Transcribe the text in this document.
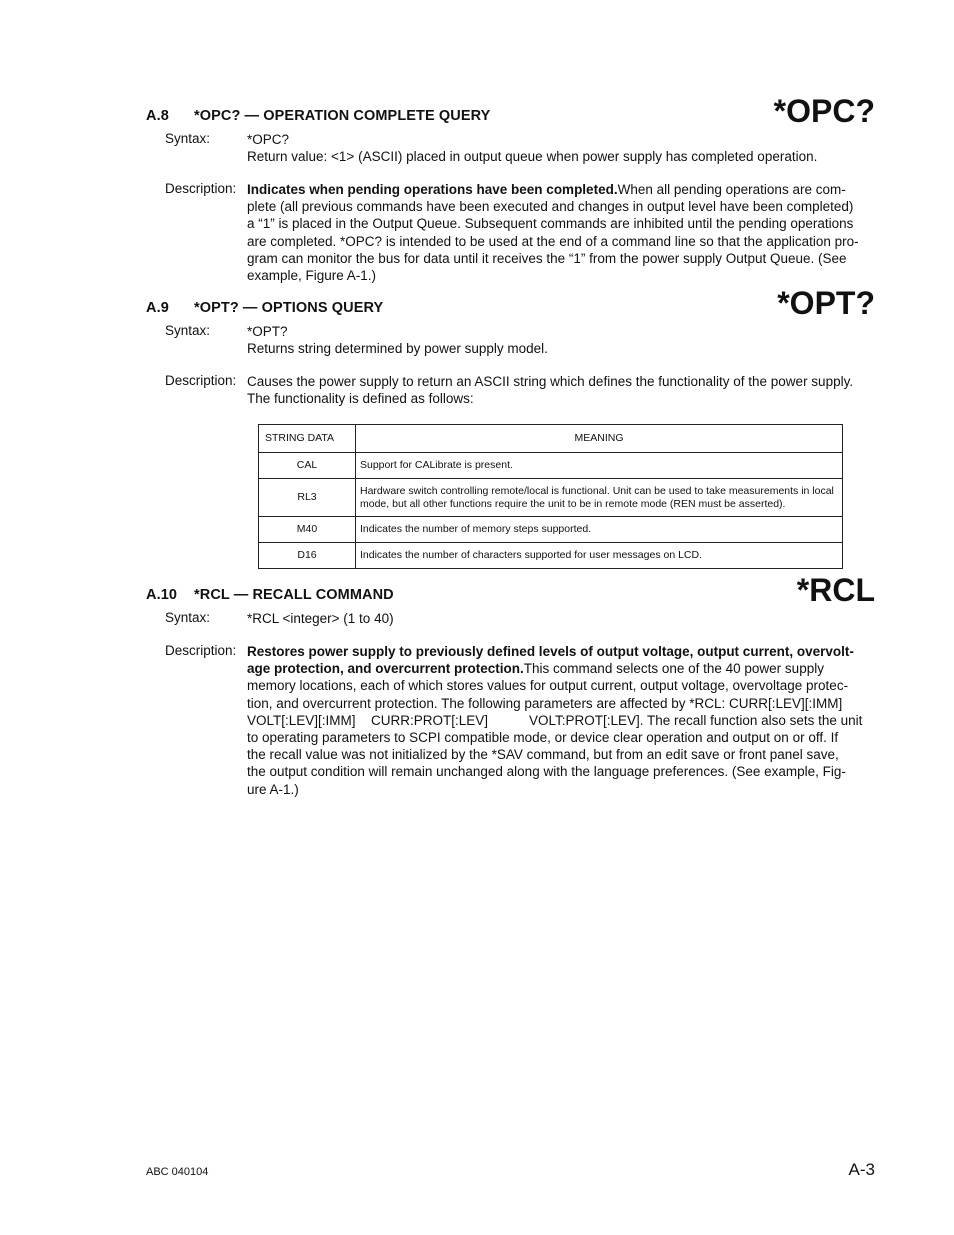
A.8 *OPC? — OPERATION COMPLETE QUERY	*OPC?
Syntax:	*OPC?
Return value: <1> (ASCII) placed in output queue when power supply has completed operation.
Description: Indicates when pending operations have been completed.When all pending operations are com-
plete (all previous commands have been executed and changes in output level have been completed)
a “1” is placed in the Output Queue. Subsequent commands are inhibited until the pending operations
are completed. *OPC? is intended to be used at the end of a command line so that the application pro-
gram can monitor the bus for data until it receives the “1” from the power supply Output Queue. (See
example, Figure A-1.)
A.9 *OPT? — OPTIONS QUERY	*OPT?
Syntax:	*OPT?
Returns string determined by power supply model.
Description: Causes the power supply to return an ASCII string which defines the functionality of the power supply.
The functionality is defined as follows:
STRING DATA	MEANING
CAL	Support for CALibrate is present.

RL3	Hardware switch controlling remote/local is functional. Unit can be used to take measurements in local
mode, but all other functions require the unit to be in remote mode (REN must be asserted).

M40	Indicates the number of memory steps supported.

D16	Indicates the number of characters supported for user messages on LCD.
A.10 *RCL — RECALL COMMAND	*RCL
Syntax:	*RCL <integer> (1 to 40)
Description: Restores power supply to previously defined levels of output voltage, output current, overvolt-
age protection, and overcurrent protection.This command selects one of the 40 power supply
memory locations, each of which stores values for output current, output voltage, overvoltage protec-
tion, and overcurrent protection. The following parameters are affected by *RCL: CURR[:LEV][:IMM]
VOLT[:LEV][:IMM] CURR:PROT[:LEV]	VOLT:PROT[:LEV]. The recall function also sets the unit
to operating parameters to SCPI compatible mode, or device clear operation and output on or off. If
the recall value was not initialized by the *SAV command, but from an edit save or front panel save,
the output condition will remain unchanged along with the language preferences. (See example, Fig-
ure A-1.)
ABC 040104	A-3
